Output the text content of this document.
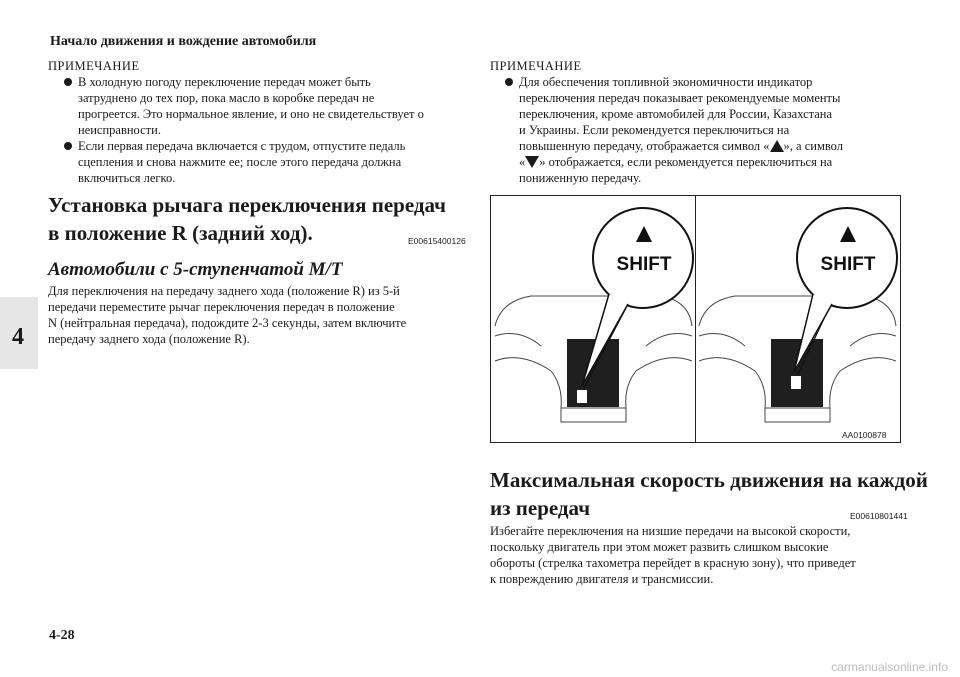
Начало движения и вождение автомобиля
4
ПРИМЕЧАНИЕ
В холодную погоду переключение передач может быть
затруднено до тех пор, пока масло в коробке передач не
прогреется. Это нормальное явление, и оно не свидетельствует о
неисправности.
Если первая передача включается с трудом, отпустите педаль
сцепления и снова нажмите ее; после этого передача должна
включиться легко.
Установка рычага переключения передач
в положение R (задний ход).	E00615400126
Автомобили с 5-ступенчатой M/T
Для переключения на передачу заднего хода (положение R) из 5-й
передачи переместите рычаг переключения передач в положение
N (нейтральная передача), подождите 2-3 секунды, затем включите
передачу заднего хода (положение R).
ПРИМЕЧАНИЕ
Для обеспечения топливной экономичности индикатор
переключения передач показывает рекомендуемые моменты
переключения, кроме автомобилей для России, Казахстана
и Украины. Если рекомендуется переключиться на
повышенную передачу, отображается символ « », а символ
« » отображается, если рекомендуется переключиться на
пониженную передачу.
SHIFT	SHIFT
AA0100878
Максимальная скорость движения на каждой
из передач	E00610801441
Избегайте переключения на низшие передачи на высокой скорости,
поскольку двигатель при этом может развить слишком высокие
обороты (стрелка тахометра перейдет в красную зону), что приведет
к повреждению двигателя и трансмиссии.
4-28
carmanualsonline.info
